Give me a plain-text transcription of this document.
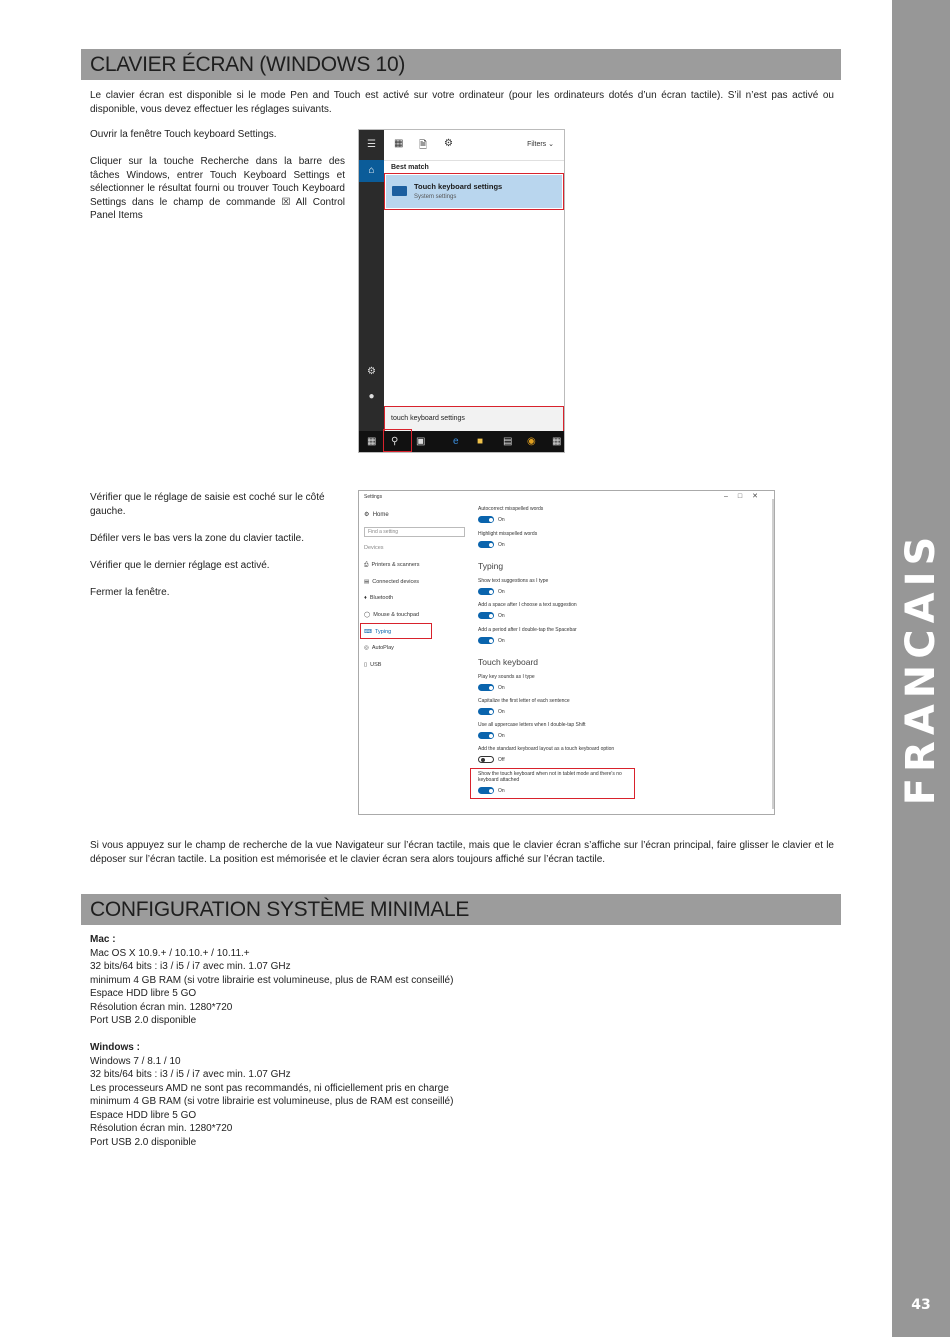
FRANCAIS
43
CLAVIER ÉCRAN (WINDOWS 10)
Le clavier écran est disponible si le mode Pen and Touch est activé sur votre ordinateur (pour les ordinateurs dotés d’un écran tactile). S’il n’est pas activé ou disponible, vous devez effectuer les réglages suivants.

Ouvrir la fenêtre Touch keyboard Settings.

Cliquer sur la touche Recherche dans la barre des tâches Windows, entrer Touch Keyboard Settings et sélectionner le résultat fourni ou trouver Touch Keyboard Settings dans le champ de commande ☒ All Control Panel Items

☰
⌂
⚙
●
▦ 🗎 ⚙	Filters ⌄
Best match
Touch keyboard settings
System settings
touch keyboard settings
▦ ⚲ ▣	e ■ ▤ ◉ ▦

Vérifier que le réglage de saisie est coché sur le côté gauche.

Défiler vers le bas vers la zone du clavier tactile.

Vérifier que le dernier réglage est activé.

Fermer la fenêtre.

Settings	–□✕
⚙  Home
Find a setting
Devices
⎙  Printers & scanners
▤  Connected devices
♦  Bluetooth
◯  Mouse & touchpad
⌨  Typing
◎  AutoPlay
▯  USB
Autocorrect misspelled words
On
Highlight misspelled words
On
Typing
Show text suggestions as I type
On
Add a space after I choose a text suggestion
On
Add a period after I double-tap the Spacebar
On
Touch keyboard
Play key sounds as I type
On
Capitalize the first letter of each sentence
On
Use all uppercase letters when I double-tap Shift
On
Add the standard keyboard layout as a touch keyboard option
Off
Show the touch keyboard when not in tablet mode and there's no keyboard attached
On
Si vous appuyez sur le champ de recherche de la vue Navigateur sur l’écran tactile, mais que le clavier écran s’affiche sur l’écran principal, faire glisser le clavier et le déposer sur l’écran tactile. La position est mémorisée et le clavier écran sera alors toujours affiché sur l’écran tactile.
CONFIGURATION SYSTÈME MINIMALE
Mac :
Mac OS X 10.9.+ / 10.10.+ / 10.11.+
32 bits/64 bits : i3 / i5 / i7 avec min. 1.07 GHz
minimum 4 GB RAM (si votre librairie est volumineuse, plus de RAM est conseillé)
Espace HDD libre 5 GO
Résolution écran min. 1280*720
Port USB 2.0 disponible
Windows :
Windows 7 / 8.1 / 10
32 bits/64 bits : i3 / i5 / i7 avec min. 1.07 GHz
Les processeurs AMD ne sont pas recommandés, ni officiellement pris en charge
minimum 4 GB RAM (si votre librairie est volumineuse, plus de RAM est conseillé)
Espace HDD libre 5 GO
Résolution écran min. 1280*720
Port USB 2.0 disponible
